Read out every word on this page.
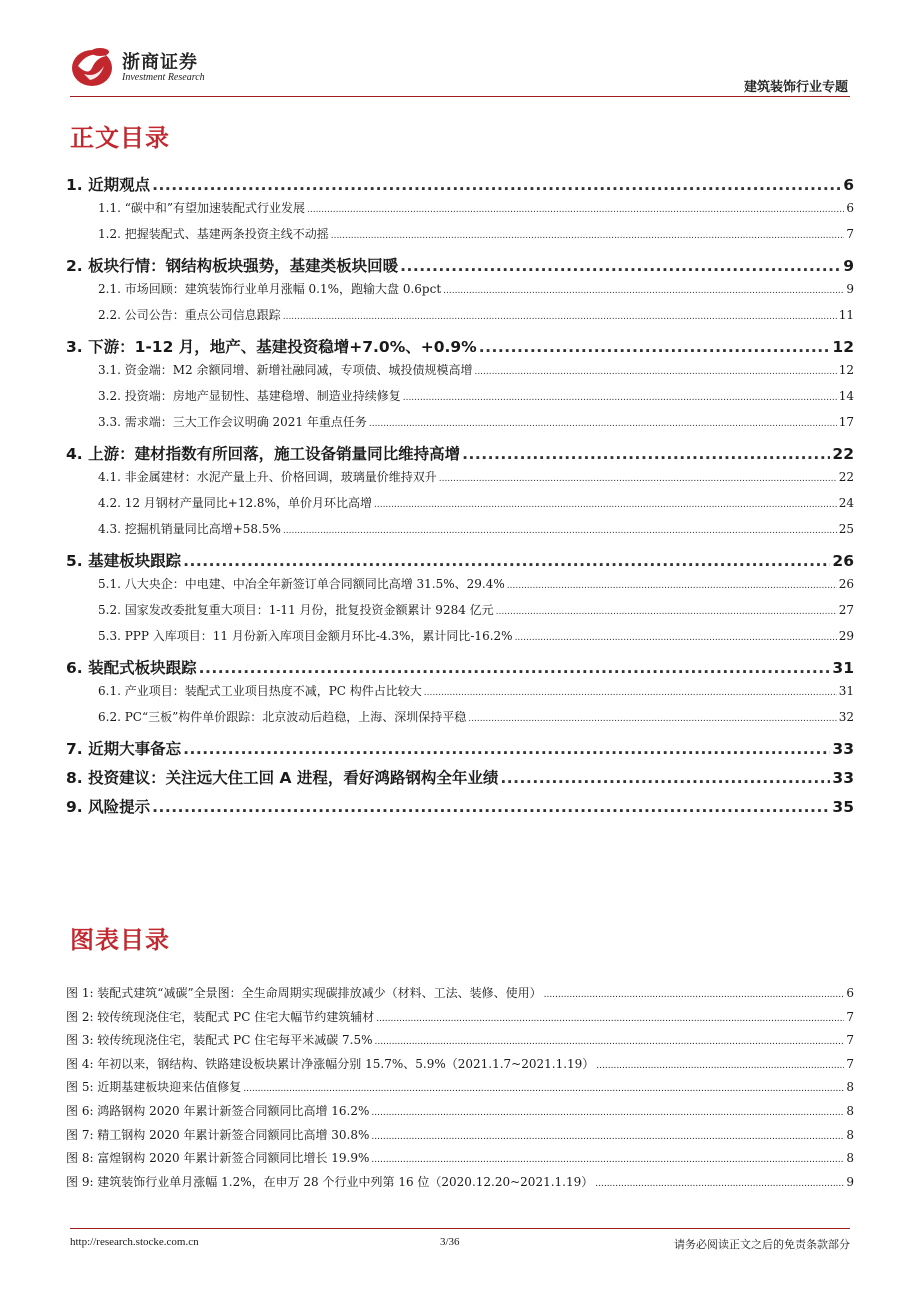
浙商证券
Investment Research
建筑装饰行业专题
正文目录
1. 近期观点 .....	6
1.1. “碳中和”有望加速装配式行业发展 .....	6
1.2. 把握装配式、基建两条投资主线不动摇 .....	7
2. 板块行情：钢结构板块强势，基建类板块回暖 .....	9
2.1. 市场回顾：建筑装饰行业单月涨幅 0.1%，跑输大盘 0.6pct .....	9
2.2. 公司公告：重点公司信息跟踪 .....	11
3. 下游：1-12 月，地产、基建投资稳增+7.0%、+0.9% .....	12
3.1. 资金端：M2 余额同增、新增社融同减，专项债、城投债规模高增 .....	12
3.2. 投资端：房地产显韧性、基建稳增、制造业持续修复 .....	14
3.3. 需求端：三大工作会议明确 2021 年重点任务 .....	17
4. 上游：建材指数有所回落，施工设备销量同比维持高增 .....	22
4.1. 非金属建材：水泥产量上升、价格回调，玻璃量价维持双升 .....	22
4.2. 12 月钢材产量同比+12.8%，单价月环比高增 .....	24
4.3. 挖掘机销量同比高增+58.5% .....	25
5. 基建板块跟踪 .....	26
5.1. 八大央企：中电建、中冶全年新签订单合同额同比高增 31.5%、29.4% .....	26
5.2. 国家发改委批复重大项目：1-11 月份，批复投资金额累计 9284 亿元 .....	27
5.3. PPP 入库项目：11 月份新入库项目金额月环比-4.3%，累计同比-16.2% .....	29
6. 装配式板块跟踪 .....	31
6.1. 产业项目：装配式工业项目热度不减，PC 构件占比较大 .....	31
6.2. PC“三板”构件单价跟踪：北京波动后趋稳，上海、深圳保持平稳 .....	32
7. 近期大事备忘 .....	33
8. 投资建议：关注远大住工回 A 进程，看好鸿路钢构全年业绩 .....	33
9. 风险提示 .....	35
图表目录
图 1: 装配式建筑“减碳”全景图：全生命周期实现碳排放减少（材料、工法、装修、使用） .....	6
图 2: 较传统现浇住宅，装配式 PC 住宅大幅节约建筑辅材 .....	7
图 3: 较传统现浇住宅，装配式 PC 住宅每平米减碳 7.5% .....	7
图 4: 年初以来，钢结构、铁路建设板块累计净涨幅分别 15.7%、5.9%（2021.1.7~2021.1.19） .....	7
图 5: 近期基建板块迎来估值修复 .....	8
图 6: 鸿路钢构 2020 年累计新签合同额同比高增 16.2% .....	8
图 7: 精工钢构 2020 年累计新签合同额同比高增 30.8% .....	8
图 8: 富煌钢构 2020 年累计新签合同额同比增长 19.9% .....	8
图 9: 建筑装饰行业单月涨幅 1.2%，在申万 28 个行业中列第 16 位（2020.12.20~2021.1.19） .....	9
http://research.stocke.com.cn	3/36	请务必阅读正文之后的免责条款部分
